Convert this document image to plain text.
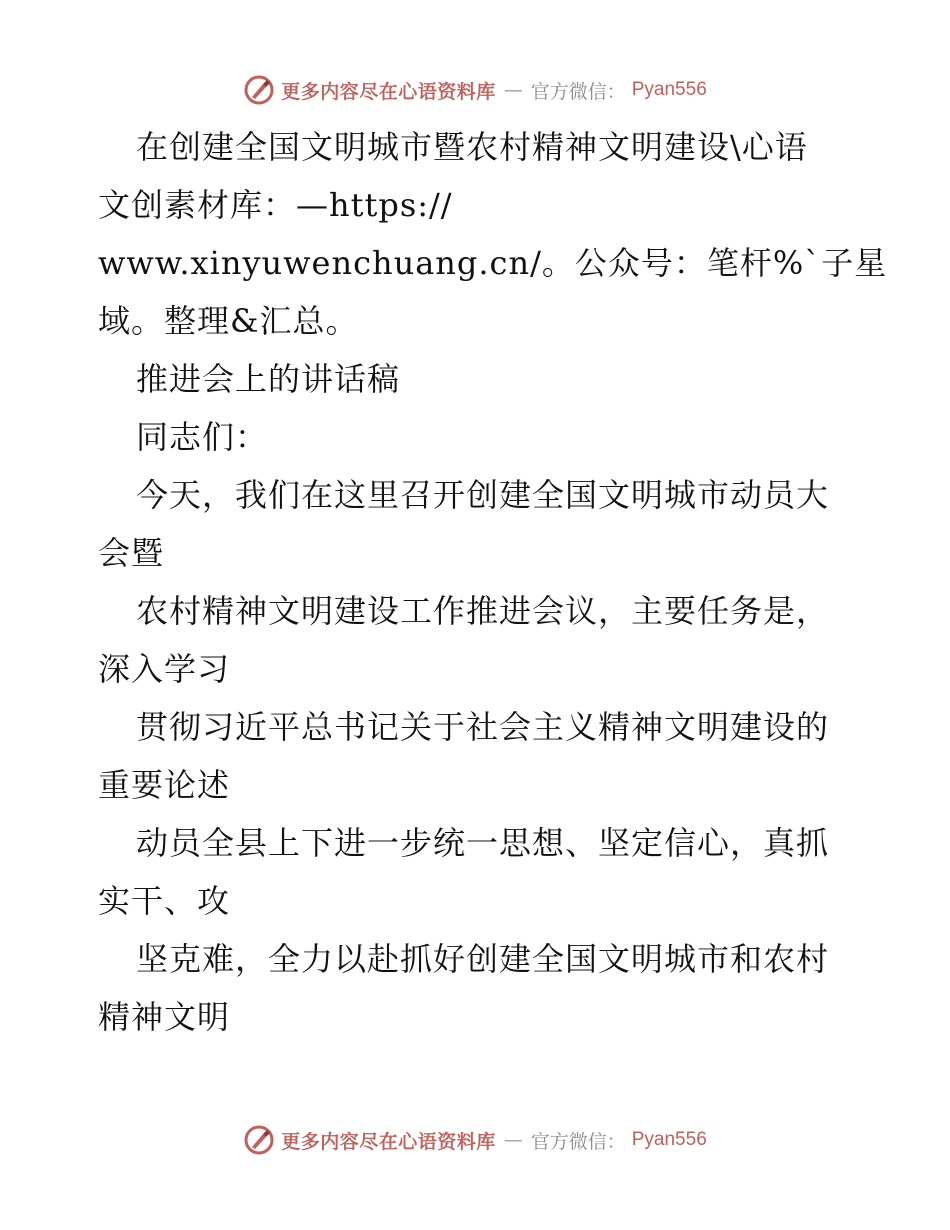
更多内容尽在心语资料库 — 官方微信： Pyan556
在创建全国文明城市暨农村精神文明建设\心语
文创素材库：—https://
www.xinyuwenchuang.cn/。公众号：笔杆%`子星
域。整理&汇总。
推进会上的讲话稿
同志们：
今天，我们在这里召开创建全国文明城市动员大
会暨
农村精神文明建设工作推进会议，主要任务是，
深入学习
贯彻习近平总书记关于社会主义精神文明建设的
重要论述
动员全县上下进一步统一思想、坚定信心，真抓
实干、攻
坚克难，全力以赴抓好创建全国文明城市和农村
精神文明
更多内容尽在心语资料库 — 官方微信： Pyan556
